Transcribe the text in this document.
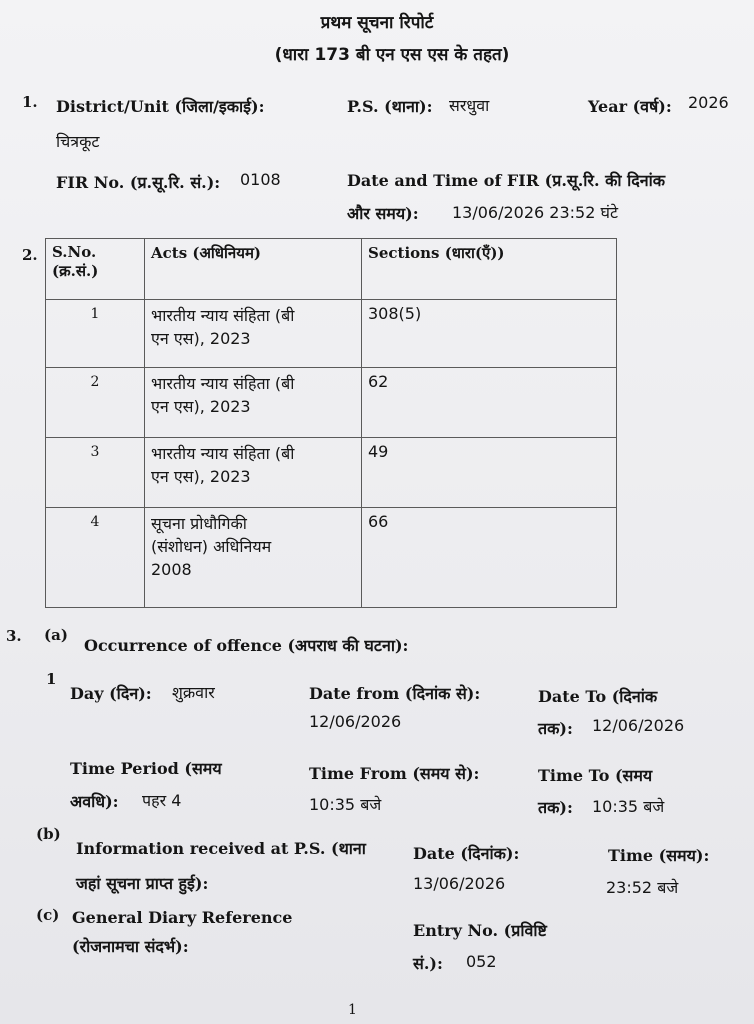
प्रथम सूचना रिपोर्ट
(धारा 173 बी एन एस एस के तहत)
1. District/Unit (जिला/इकाई):
चित्रकूट
P.S. (थाना): सरधुवा	Year (वर्ष): 2026
FIR No. (प्र.सू.रि. सं.): 0108	Date and Time of FIR (प्र.सू.रि. की दिनांक
और समय): 13/06/2026 23:52 घंटे
2. S.No.
(क्र.सं.)	Acts (अधिनियम)	Sections (धारा(एँ))
1	भारतीय न्याय संहिता (बी
एन एस), 2023	308(5)
2	भारतीय न्याय संहिता (बी
एन एस), 2023	62
3	भारतीय न्याय संहिता (बी
एन एस), 2023	49
4	सूचना प्रोधौगिकी
(संशोधन) अधिनियम
2008	66
3. (a)
Occurrence of offence (अपराध की घटना):
1
Day (दिन): शुक्रवार	Date from (दिनांक से):
12/06/2026
Date To (दिनांक
तक): 12/06/2026
Time Period (समय
अवधि): पहर 4
Time From (समय से):
10:35 बजे
Time To (समय
तक): 10:35 बजे
(b)
Information received at P.S. (थाना
जहां सूचना प्राप्त हुई):
Date (दिनांक):
13/06/2026
Time (समय):
23:52 बजे
(c) General Diary Reference
(रोजनामचा संदर्भ):
Entry No. (प्रविष्टि
सं.): 052
1
